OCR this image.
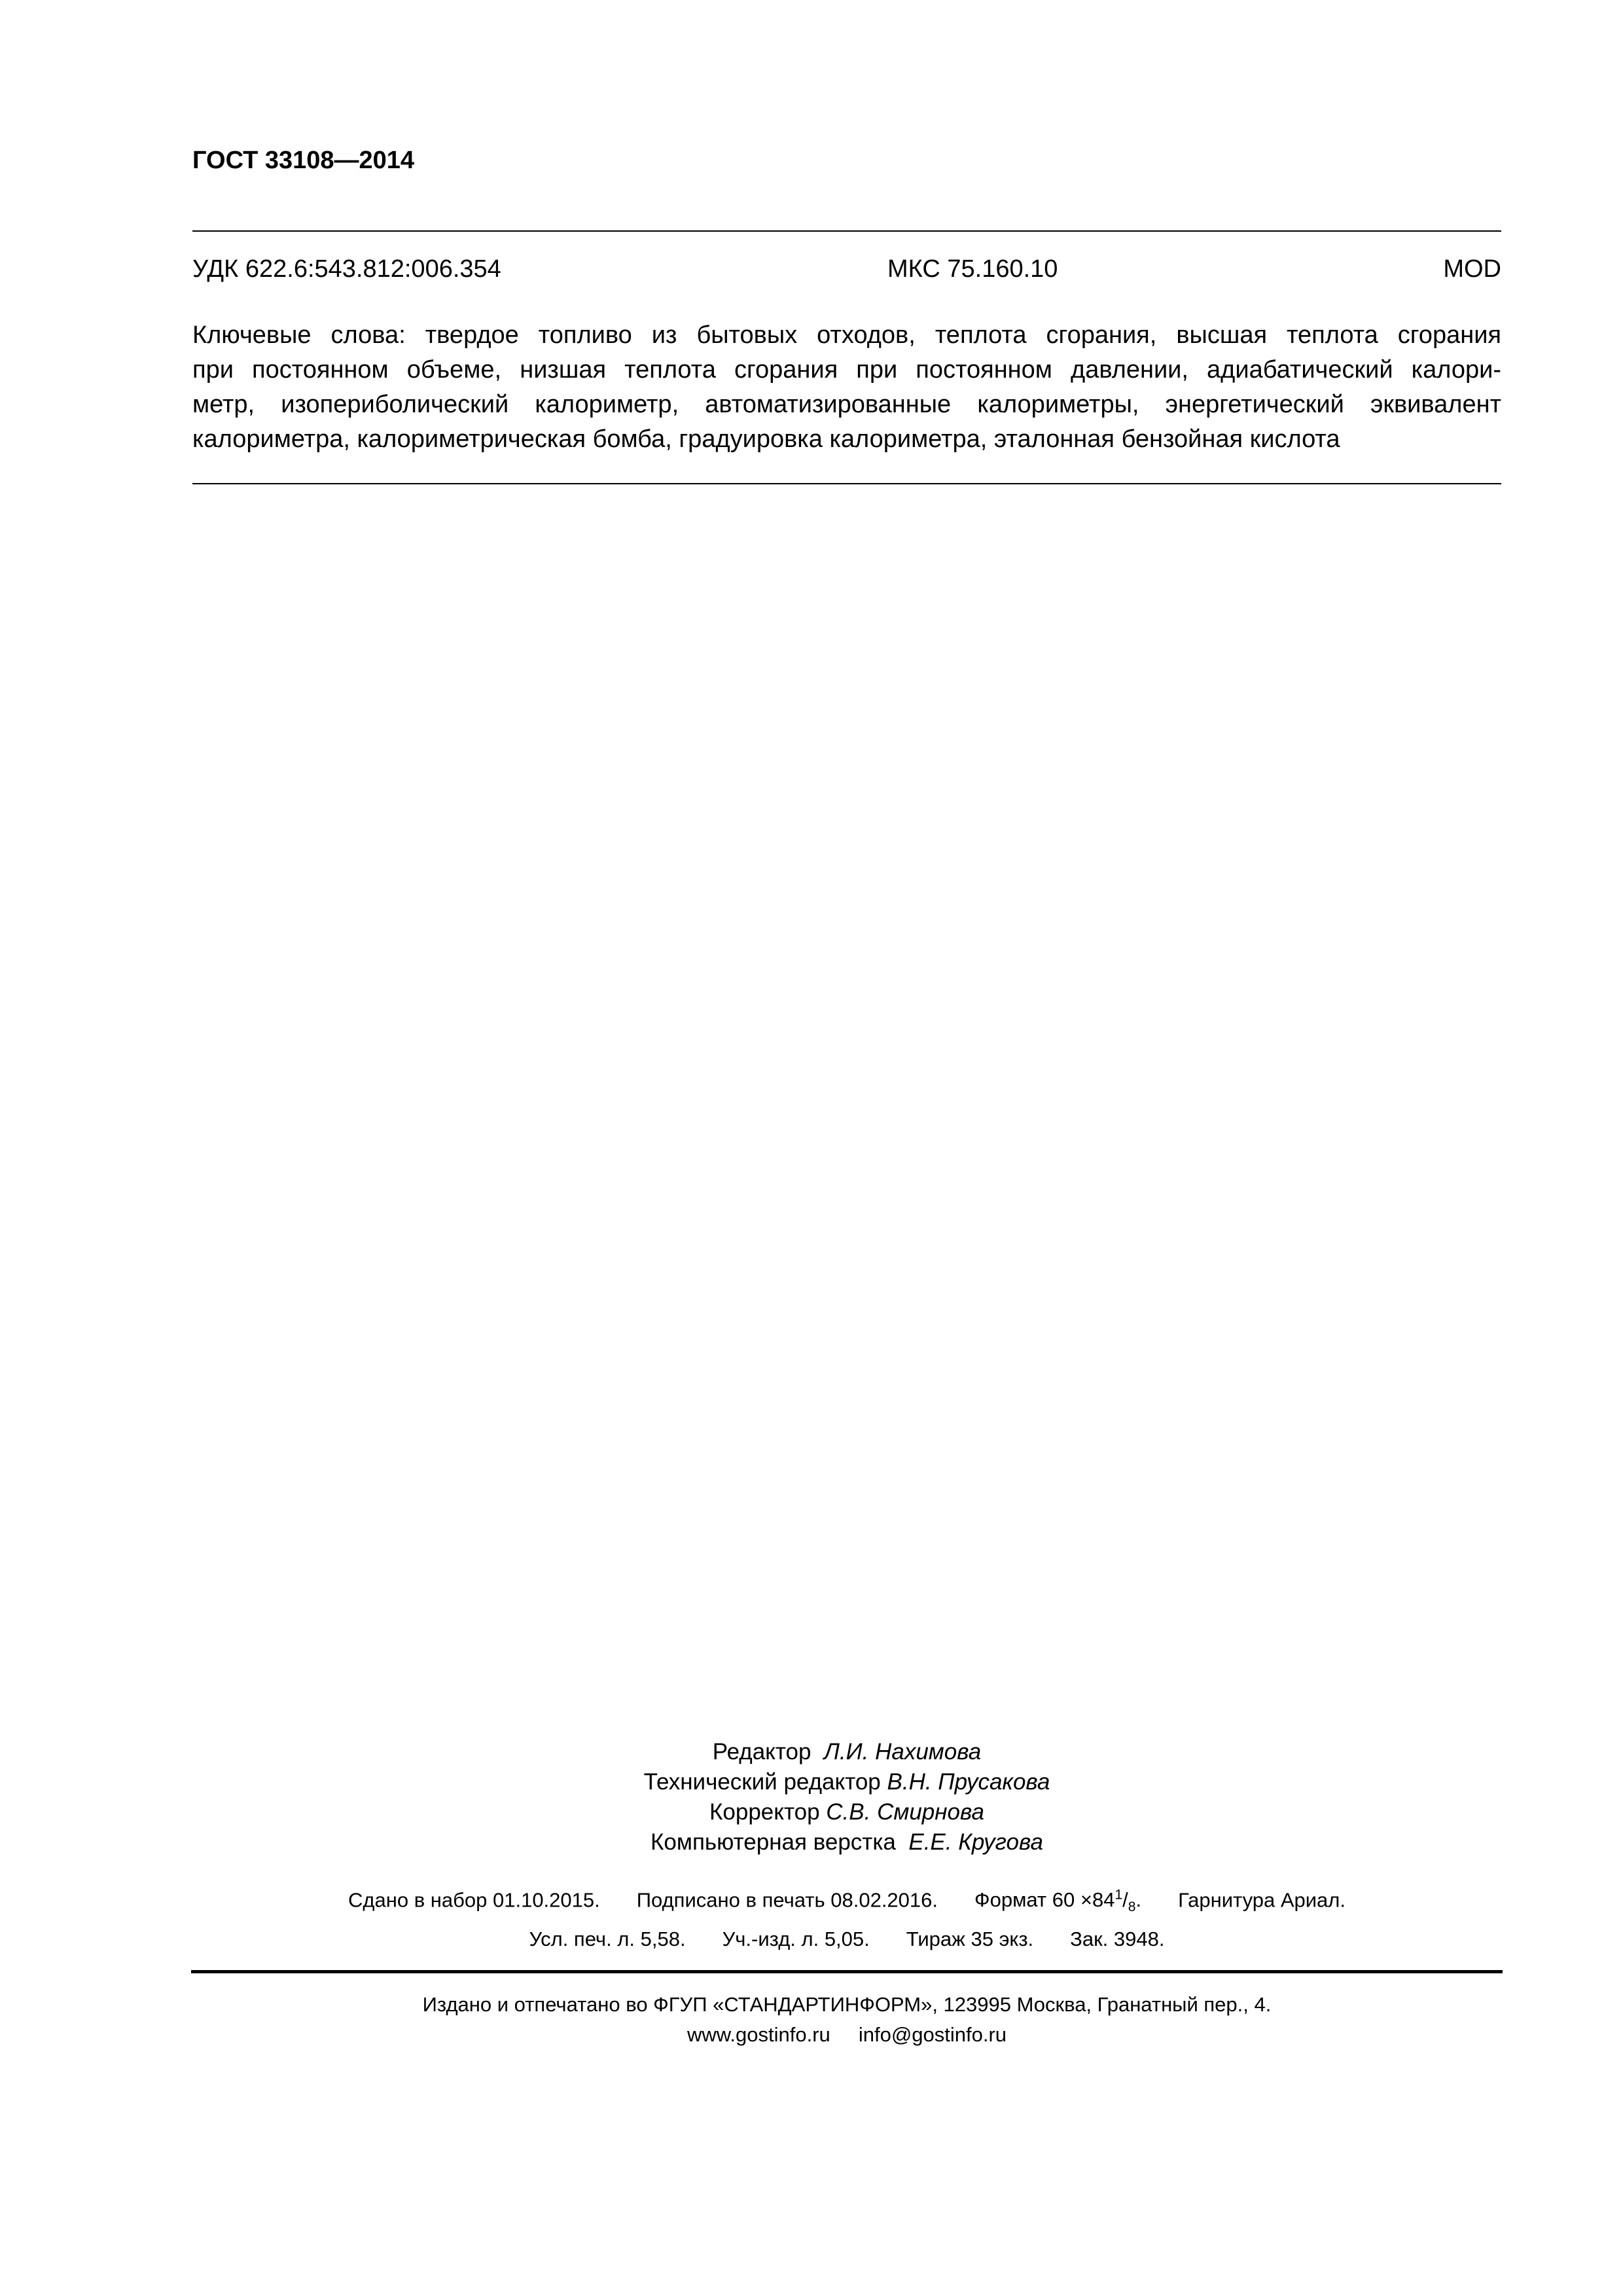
ГОСТ 33108—2014
УДК 622.6:543.812:006.354	МКС 75.160.10	MOD
Ключевые слова: твердое топливо из бытовых отходов, теплота сгорания, высшая теплота сгорания
при постоянном объеме, низшая теплота сгорания при постоянном давлении, адиабатический калори-
метр, изопериболический калориметр, автоматизированные калориметры, энергетический эквивалент
калориметра, калориметрическая бомба, градуировка калориметра, эталонная бензойная кислота
Редактор Л.И. Нахимова
Технический редактор В.Н. Прусакова
Корректор С.В. Смирнова
Компьютерная верстка Е.Е. Кругова
Сдано в набор 01.10.2015. Подписано в печать 08.02.2016. Формат $60 \times 84^1/_8$. Гарнитура Ариал.
Усл. печ. л. 5,58. Уч.-изд. л. 5,05. Тираж 35 экз. Зак. 3948.
Издано и отпечатано во ФГУП «СТАНДАРТИНФОРМ», 123995 Москва, Гранатный пер., 4.
www.gostinfo.ru info@gostinfo.ru
